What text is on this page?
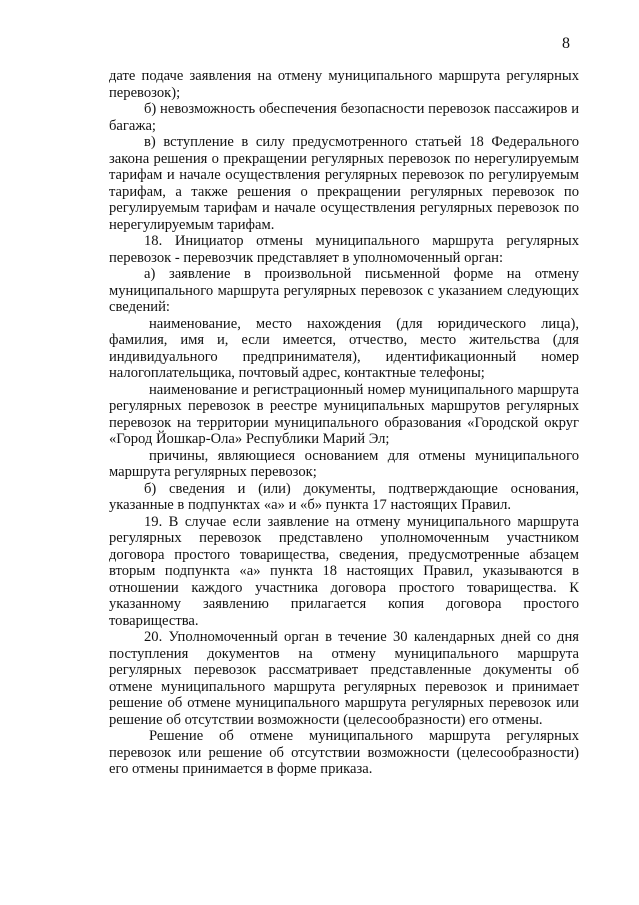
8

дате подаче заявления на отмену муниципального маршрута регулярных перевозок);

б) невозможность обеспечения безопасности перевозок пассажиров и багажа;

в) вступление в силу предусмотренного статьей 18 Федерального закона решения о прекращении регулярных перевозок по нерегулируемым тарифам и начале осуществления регулярных перевозок по регулируемым тарифам, а также решения о прекращении регулярных перевозок по регулируемым тарифам и начале осуществления регулярных перевозок по нерегулируемым тарифам.

18. Инициатор отмены муниципального маршрута регулярных перевозок - перевозчик представляет в уполномоченный орган:

а) заявление в произвольной письменной форме на отмену муниципального маршрута регулярных перевозок с указанием следующих сведений:

наименование, место нахождения (для юридического лица), фамилия, имя и, если имеется, отчество, место жительства (для индивидуального предпринимателя), идентификационный номер налогоплательщика, почтовый адрес, контактные телефоны;

наименование и регистрационный номер муниципального маршрута регулярных перевозок в реестре муниципальных маршрутов регулярных перевозок на территории муниципального образования «Городской округ «Город Йошкар-Ола» Республики Марий Эл;

причины, являющиеся основанием для отмены муниципального маршрута регулярных перевозок;

б) сведения и (или) документы, подтверждающие основания, указанные в подпунктах «а» и «б» пункта 17 настоящих Правил.

19. В случае если заявление на отмену муниципального маршрута регулярных перевозок представлено уполномоченным участником договора простого товарищества, сведения, предусмотренные абзацем вторым подпункта «а» пункта 18 настоящих Правил, указываются в отношении каждого участника договора простого товарищества. К указанному заявлению прилагается копия договора простого товарищества.

20. Уполномоченный орган в течение 30 календарных дней со дня поступления документов на отмену муниципального маршрута регулярных перевозок рассматривает представленные документы об отмене муниципального маршрута регулярных перевозок и принимает решение об отмене муниципального маршрута регулярных перевозок или решение об отсутствии возможности (целесообразности) его отмены.

Решение об отмене муниципального маршрута регулярных перевозок или решение об отсутствии возможности (целесообразности) его отмены принимается в форме приказа.
